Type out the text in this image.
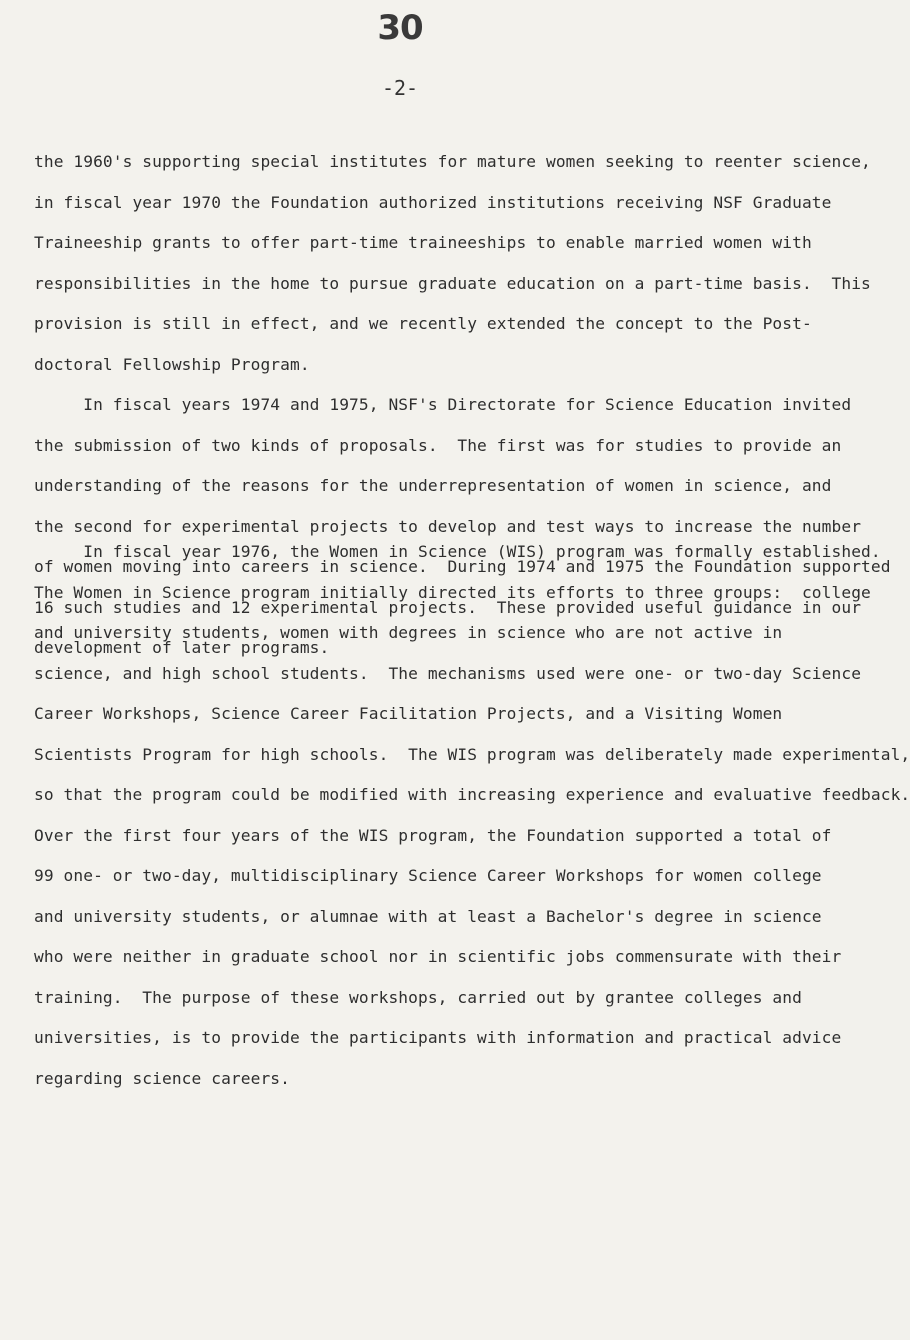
30
-2-
the 1960's supporting special institutes for mature women seeking to reenter science,
in fiscal year 1970 the Foundation authorized institutions receiving NSF Graduate
Traineeship grants to offer part-time traineeships to enable married women with
responsibilities in the home to pursue graduate education on a part-time basis.  This
provision is still in effect, and we recently extended the concept to the Post-
doctoral Fellowship Program.
In fiscal years 1974 and 1975, NSF's Directorate for Science Education invited
the submission of two kinds of proposals.  The first was for studies to provide an
understanding of the reasons for the underrepresentation of women in science, and
the second for experimental projects to develop and test ways to increase the number
of women moving into careers in science.  During 1974 and 1975 the Foundation supported
16 such studies and 12 experimental projects.  These provided useful guidance in our
development of later programs.
In fiscal year 1976, the Women in Science (WIS) program was formally established.
The Women in Science program initially directed its efforts to three groups:  college
and university students, women with degrees in science who are not active in
science, and high school students.  The mechanisms used were one- or two-day Science
Career Workshops, Science Career Facilitation Projects, and a Visiting Women
Scientists Program for high schools.  The WIS program was deliberately made experimental,
so that the program could be modified with increasing experience and evaluative feedback.
Over the first four years of the WIS program, the Foundation supported a total of
99 one- or two-day, multidisciplinary Science Career Workshops for women college
and university students, or alumnae with at least a Bachelor's degree in science
who were neither in graduate school nor in scientific jobs commensurate with their
training.  The purpose of these workshops, carried out by grantee colleges and
universities, is to provide the participants with information and practical advice
regarding science careers.
